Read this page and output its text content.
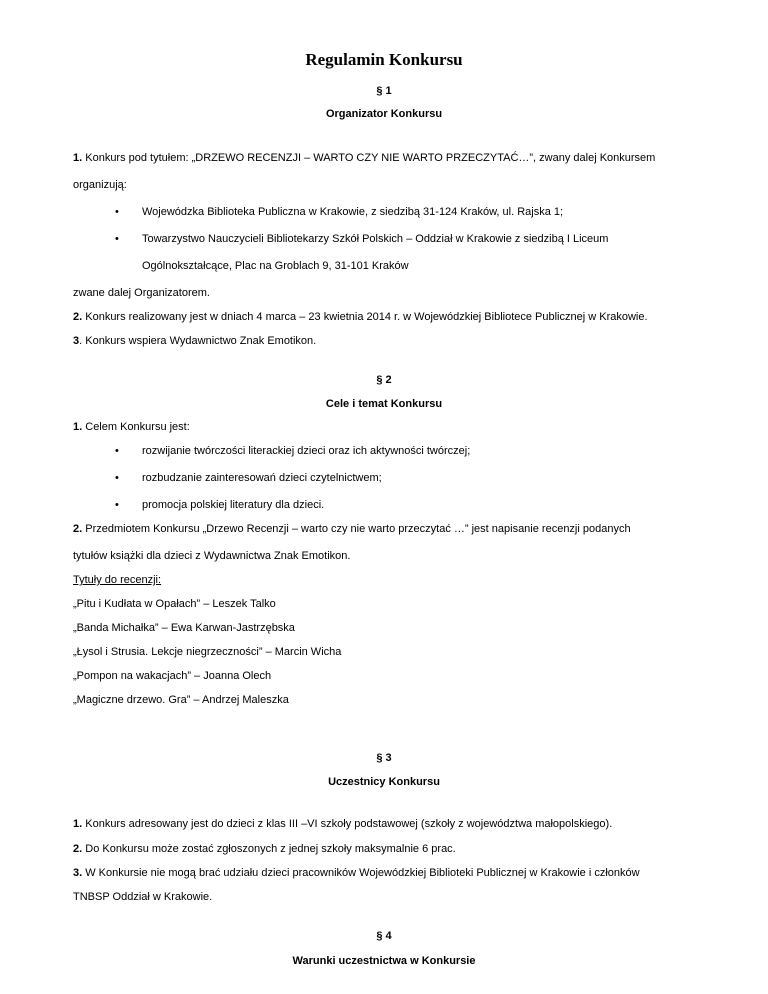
Regulamin Konkursu
§ 1
Organizator Konkursu
1. Konkurs pod tytułem: „DRZEWO RECENZJI – WARTO CZY NIE WARTO PRZECZYTAĆ…”, zwany dalej Konkursem
organizują:
• Wojewódzka Biblioteka Publiczna w Krakowie, z siedzibą 31-124 Kraków, ul. Rajska 1;
• Towarzystwo Nauczycieli Bibliotekarzy Szkół Polskich – Oddział w Krakowie z siedzibą I Liceum
Ogólnokształcące, Plac na Groblach 9, 31-101 Kraków
zwane dalej Organizatorem.
2. Konkurs realizowany jest w dniach 4 marca – 23 kwietnia 2014 r. w Wojewódzkiej Bibliotece Publicznej w Krakowie.
3. Konkurs wspiera Wydawnictwo Znak Emotikon.
§ 2
Cele i temat Konkursu
1. Celem Konkursu jest:
• rozwijanie twórczości literackiej dzieci oraz ich aktywności twórczej;
• rozbudzanie zainteresowań dzieci czytelnictwem;
• promocja polskiej literatury dla dzieci.
2. Przedmiotem Konkursu „Drzewo Recenzji – warto czy nie warto przeczytać …” jest napisanie recenzji podanych
tytułów książki dla dzieci z Wydawnictwa Znak Emotikon.
Tytuły do recenzji:
„Pitu i Kudłata w Opałach” – Leszek Talko
„Banda Michałka” – Ewa Karwan-Jastrzębska
„Łysol i Strusia. Lekcje niegrzeczności” – Marcin Wicha
„Pompon na wakacjach” – Joanna Olech
„Magiczne drzewo. Gra” – Andrzej Maleszka
§ 3
Uczestnicy Konkursu
1. Konkurs adresowany jest do dzieci z klas III –VI szkoły podstawowej (szkoły z województwa małopolskiego).
2. Do Konkursu może zostać zgłoszonych z jednej szkoły maksymalnie 6 prac.
3. W Konkursie nie mogą brać udziału dzieci pracowników Wojewódzkiej Biblioteki Publicznej w Krakowie i członków
TNBSP Oddział w Krakowie.
§ 4
Warunki uczestnictwa w Konkursie
